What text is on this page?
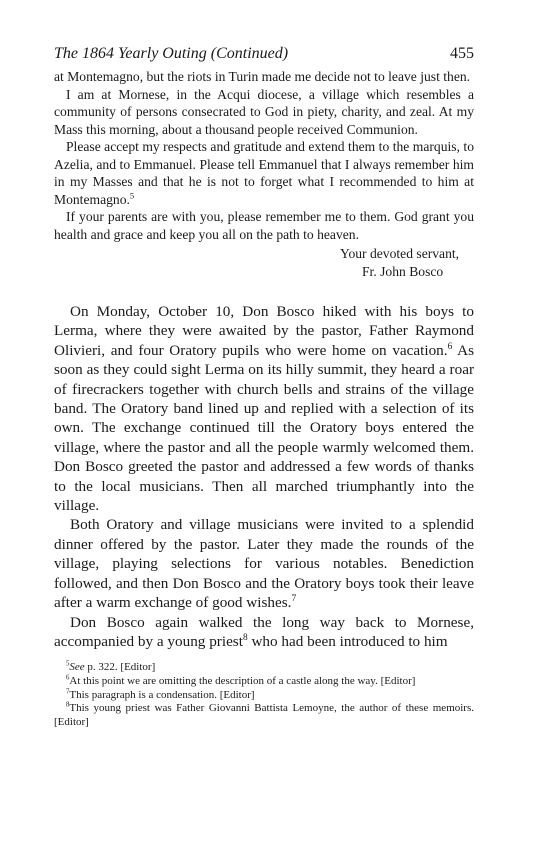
The 1864 Yearly Outing (Continued)	455

at Montemagno, but the riots in Turin made me decide not to leave just then.

I am at Mornese, in the Acqui diocese, a village which resembles a community of persons consecrated to God in piety, charity, and zeal. At my Mass this morning, about a thousand people received Communion.

Please accept my respects and gratitude and extend them to the marquis, to Azelia, and to Emmanuel. Please tell Emmanuel that I always remember him in my Masses and that he is not to forget what I recommended to him at Montemagno.$^5$

If your parents are with you, please remember me to them. God grant you health and grace and keep you all on the path to heaven.

Your devoted servant,
Fr. John Bosco

On Monday, October 10, Don Bosco hiked with his boys to Lerma, where they were awaited by the pastor, Father Raymond Olivieri, and four Oratory pupils who were home on vacation.$^6$ As soon as they could sight Lerma on its hilly summit, they heard a roar of firecrackers together with church bells and strains of the village band. The Oratory band lined up and replied with a selection of its own. The exchange continued till the Oratory boys entered the village, where the pastor and all the people warmly welcomed them. Don Bosco greeted the pastor and addressed a few words of thanks to the local musicians. Then all marched triumphantly into the village.

Both Oratory and village musicians were invited to a splendid dinner offered by the pastor. Later they made the rounds of the village, playing selections for various notables. Benediction followed, and then Don Bosco and the Oratory boys took their leave after a warm exchange of good wishes.$^7$

Don Bosco again walked the long way back to Mornese, accompanied by a young priest$^8$ who had been introduced to him

$^5$See p. 322. [Editor]

$^6$At this point we are omitting the description of a castle along the way. [Editor]

$^7$This paragraph is a condensation. [Editor]

$^8$This young priest was Father Giovanni Battista Lemoyne, the author of these memoirs. [Editor]
